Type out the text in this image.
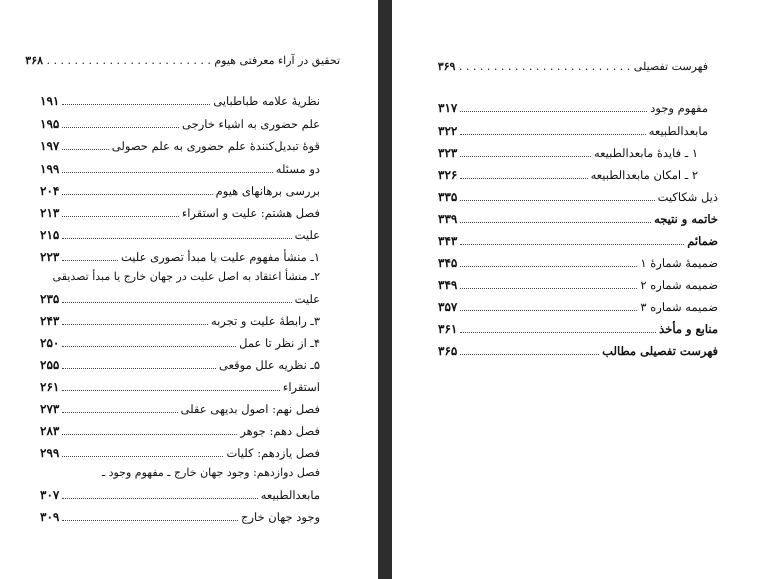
تحقیق در آراء معرفتی هیوم . . . . . . . . . . . . . . . . . . . . . . . . ۳۶۸
نظریهٔ علامه طباطبایی
۱۹۱
علم حضوری به اشیاء خارجی
۱۹۵
قوهٔ تبدیل‌کنندهٔ علم حضوری به علم حصولی
۱۹۷
دو مسئله
۱۹۹
بررسی برهانهای هیوم
۲۰۴
فصل هشتم: علیت و استقراء
۲۱۳
علیت
۲۱۵
۱ـ منشأ مفهوم علیت یا مبدأ تصوری علیت
۲۲۳
۲ـ منشأ اعتقاد به اصل علیت در جهان خارج یا مبدأ تصدیقی
علیت
۲۳۵
۳ـ رابطهٔ علیت و تجربه
۲۴۳
۴ـ از نظر تا عمل
۲۵۰
۵ـ نظریه علل موقعی
۲۵۵
استقراء
۲۶۱
فصل نهم: اصول بدیهی عقلی
۲۷۳
فصل دهم: جوهر
۲۸۳
فصل یازدهم: کلیات
۲۹۹
فصل دوازدهم: وجود جهان خارج ـ مفهوم وجود ـ
مابعدالطبیعه
۳۰۷
وجود جهان خارج
۳۰۹
فهرست تفصیلی . . . . . . . . . . . . . . . . . . . . . . . . . ۳۶۹
مفهوم وجود
۳۱۷
مابعدالطبیعه
۳۲۲
۱ ـ فایدهٔ مابعدالطبیعه
۳۲۳
۲ ـ امکان مابعدالطبیعه
۳۲۶
ذیل شکاکیت
۳۳۵
خاتمه و نتیجه
۳۳۹
ضمائم
۳۴۳
ضمیمهٔ شمارهٔ ۱
۳۴۵
ضمیمه شماره ۲
۳۴۹
ضمیمه شماره ۳
۳۵۷
منابع و مأخذ
۳۶۱
فهرست تفصیلی مطالب
۳۶۵
